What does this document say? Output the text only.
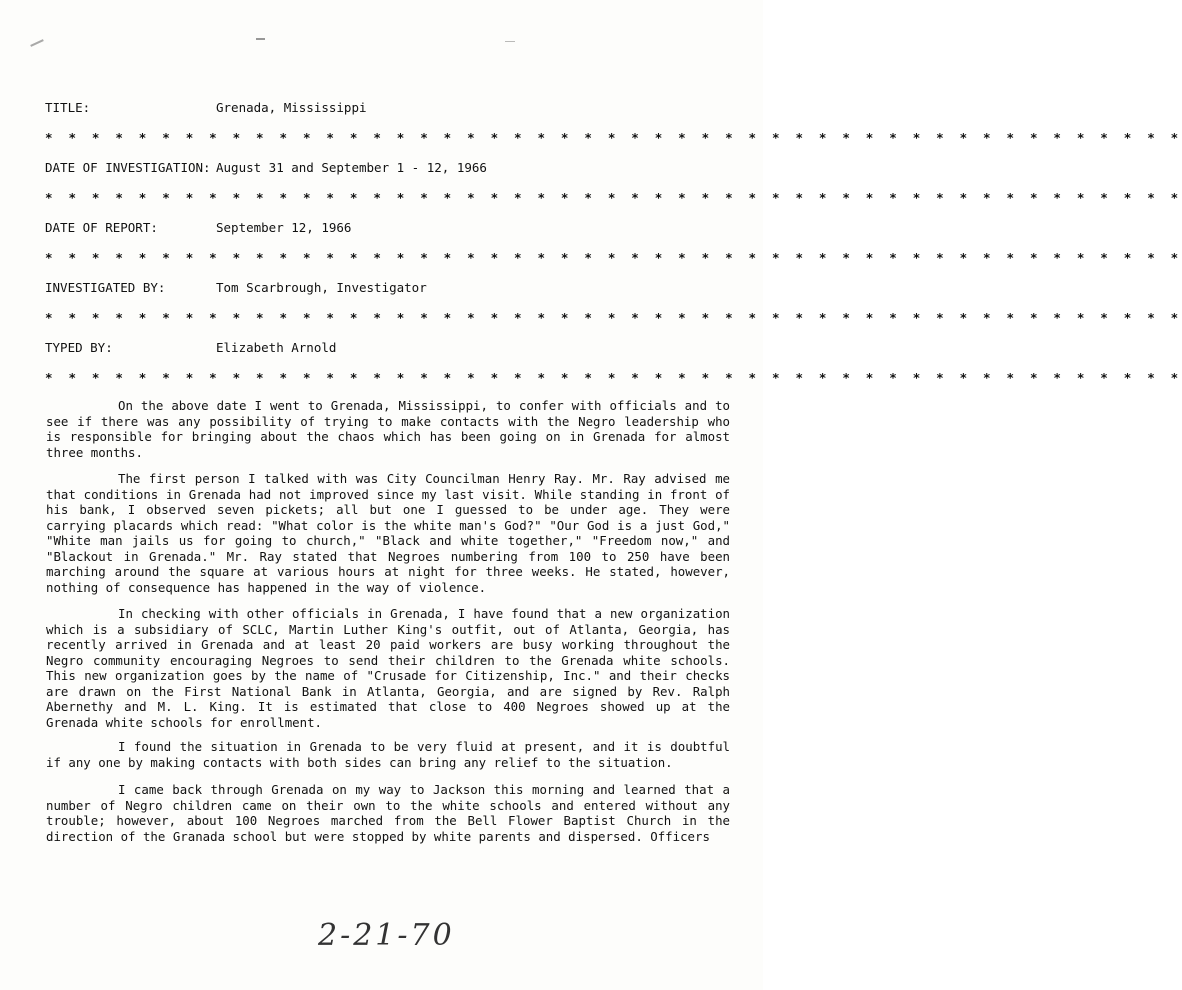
TITLE:	Grenada, Mississippi
* * * * * * * * * * * * * * * * * * * * * * * * * * * * * * * * * * * * * * * * * * * * * * * * *
DATE OF INVESTIGATION: August 31 and September 1 - 12, 1966
* * * * * * * * * * * * * * * * * * * * * * * * * * * * * * * * * * * * * * * * * * * * * * * * *
DATE OF REPORT:	September 12, 1966
* * * * * * * * * * * * * * * * * * * * * * * * * * * * * * * * * * * * * * * * * * * * * * * * *
INVESTIGATED BY:	Tom Scarbrough, Investigator
* * * * * * * * * * * * * * * * * * * * * * * * * * * * * * * * * * * * * * * * * * * * * * * * *
TYPED BY:	Elizabeth Arnold
* * * * * * * * * * * * * * * * * * * * * * * * * * * * * * * * * * * * * * * * * * * * * * * * *

On the above date I went to Grenada, Mississippi, to confer with officials and to see if there was any possibility of trying to make contacts with the Negro leadership who is responsible for bringing about the chaos which has been going on in Grenada for almost three months.

The first person I talked with was City Councilman Henry Ray. Mr. Ray advised me that conditions in Grenada had not improved since my last visit. While standing in front of his bank, I observed seven pickets; all but one I guessed to be under age. They were carrying placards which read: "What color is the white man's God?" "Our God is a just God," "White man jails us for going to church," "Black and white together," "Freedom now," and "Blackout in Grenada." Mr. Ray stated that Negroes numbering from 100 to 250 have been marching around the square at various hours at night for three weeks. He stated, however, nothing of consequence has happened in the way of violence.

In checking with other officials in Grenada, I have found that a new organization which is a subsidiary of SCLC, Martin Luther King's outfit, out of Atlanta, Georgia, has recently arrived in Grenada and at least 20 paid workers are busy working throughout the Negro community encouraging Negroes to send their children to the Grenada white schools. This new organization goes by the name of "Crusade for Citizenship, Inc." and their checks are drawn on the First National Bank in Atlanta, Georgia, and are signed by Rev. Ralph Abernethy and M. L. King. It is estimated that close to 400 Negroes showed up at the Grenada white schools for enrollment.

I found the situation in Grenada to be very fluid at present, and it is doubtful if any one by making contacts with both sides can bring any relief to the situation.

I came back through Grenada on my way to Jackson this morning and learned that a number of Negro children came on their own to the white schools and entered without any trouble; however, about 100 Negroes marched from the Bell Flower Baptist Church in the direction of the Granada school but were stopped by white parents and dispersed. Officers

2-21-70
